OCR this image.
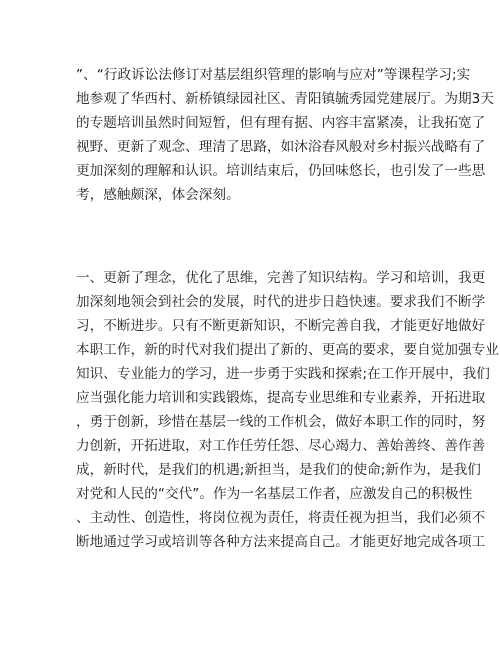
”、“行政诉讼法修订对基层组织管理的影响与应对”等课程学习;实
地参观了华西村、新桥镇绿园社区、青阳镇毓秀园党建展厅。为期3天
的专题培训虽然时间短暂，但有理有据、内容丰富紧凑，让我拓宽了
视野、更新了观念、理清了思路，如沐浴春风般对乡村振兴战略有了
更加深刻的理解和认识。培训结束后，仍回味悠长，也引发了一些思
考，感触颇深，体会深刻。
一、更新了理念，优化了思维，完善了知识结构。学习和培训，我更
加深刻地领会到社会的发展，时代的进步日趋快速。要求我们不断学
习，不断进步。只有不断更新知识，不断完善自我，才能更好地做好
本职工作，新的时代对我们提出了新的、更高的要求，要自觉加强专业
知识、专业能力的学习，进一步勇于实践和探索;在工作开展中，我们
应当强化能力培训和实践锻炼，提高专业思维和专业素养，开拓进取
，勇于创新，珍惜在基层一线的工作机会，做好本职工作的同时，努
力创新，开拓进取，对工作任劳任怨、尽心竭力、善始善终、善作善
成，新时代，是我们的机遇;新担当，是我们的使命;新作为，是我们
对党和人民的“交代”。作为一名基层工作者，应激发自己的积极性
、主动性、创造性，将岗位视为责任，将责任视为担当，我们必须不
断地通过学习或培训等各种方法来提高自己。才能更好地完成各项工
